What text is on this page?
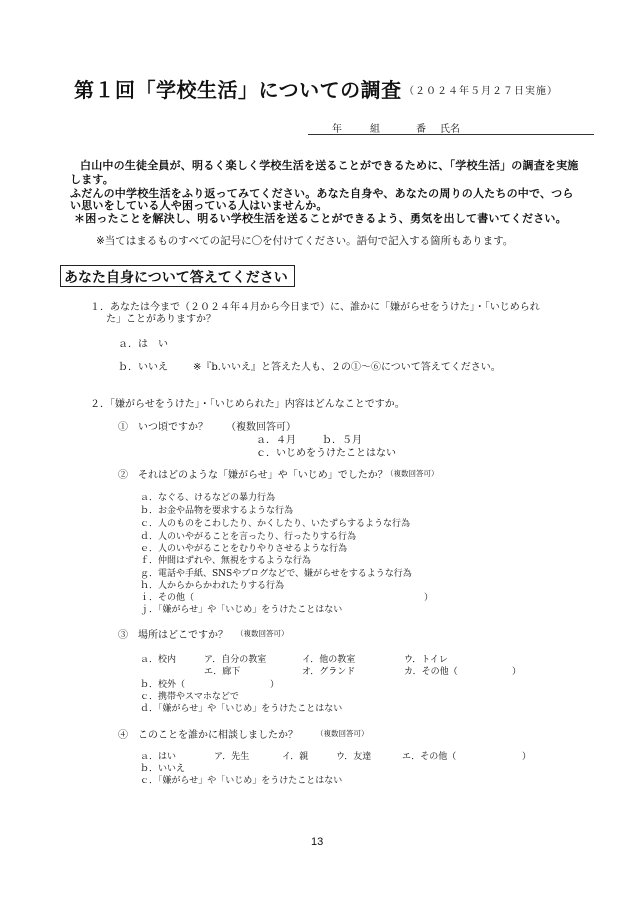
第１回「学校生活」についての調査 （２０２４年５月２７日実施）
年	組	番 氏名
白山中の生徒全員が、明るく楽しく学校生活を送ることができるために、「学校生活」の調査を実施
します。
ふだんの中学校生活をふり返ってみてください。あなた自身や、あなたの周りの人たちの中で、つら
い思いをしている人や困っている人はいませんか。
＊困ったことを解決し、明るい学校生活を送ることができるよう、勇気を出して書いてください。
※当てはまるものすべての記号に〇を付けてください。語句で記入する箇所もあります。
あなた自身について答えてください
１．あなたは今まで（２０２４年４月から今日まで）に、誰かに「嫌がらせをうけた」・「いじめられ
た」ことがありますか？
ａ．は　い
ｂ．いいえ	※『b.いいえ』と答えた人も、２の①～⑥について答えてください。
２．「嫌がらせをうけた」・「いじめられた」内容はどんなことですか。
①　いつ頃ですか？ （複数回答可）
ａ．４月	ｂ．５月
ｃ．いじめをうけたことはない
②　それはどのような「嫌がらせ」や「いじめ」でしたか？
（複数回答可）
ａ．なぐる、けるなどの暴力行為
ｂ．お金や品物を要求するような行為
ｃ．人のものをこわしたり、かくしたり、いたずらするような行為
ｄ．人のいやがることを言ったり、行ったりする行為
ｅ．人のいやがることをむりやりさせるような行為
ｆ．仲間はずれや、無視をするような行為
ｇ．電話や手紙、SNSやブログなどで、嫌がらせをするような行為
ｈ．人からからかわれたりする行為
ｉ．その他（	）
ｊ．「嫌がらせ」や「いじめ」をうけたことはない
③　場所はどこですか？ （複数回答可）
ａ．校内	ア．自分の教室	イ．他の教室	ウ．トイレ
エ．廊下	オ．グランド	カ．その他（	）
ｂ．校外（	）
ｃ．携帯やスマホなどで
ｄ．「嫌がらせ」や「いじめ」をうけたことはない
④　このことを誰かに相談しましたか？ （複数回答可）
ａ．はい	ア．先生	イ．親	ウ．友達	エ．その他（	）
ｂ．いいえ
ｃ．「嫌がらせ」や「いじめ」をうけたことはない
13
